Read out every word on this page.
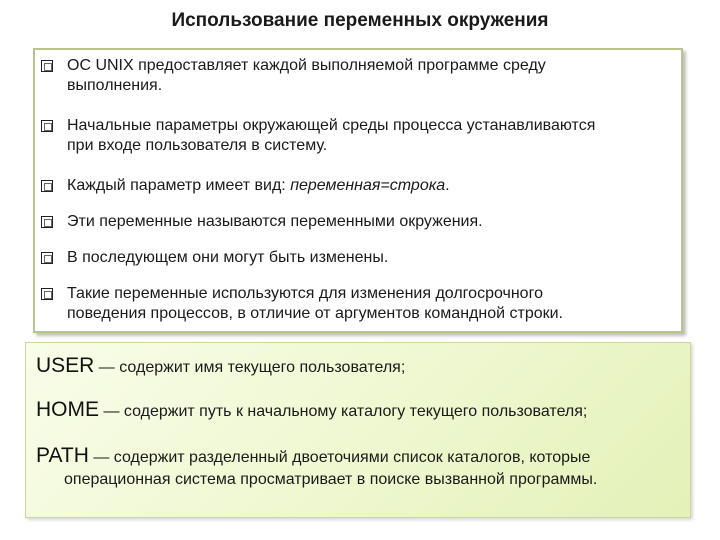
Использование переменных окружения
ОС UNIX предоставляет каждой выполняемой программе среду
выполнения.
Начальные параметры окружающей среды процесса устанавливаются
при входе пользователя в систему.
Каждый параметр имеет вид: переменная=строка.
Эти переменные называются переменными окружения.
В последующем они могут быть изменены.
Такие переменные используются для изменения долгосрочного
поведения процессов, в отличие от аргументов командной строки.
USER — содержит имя текущего пользователя;
HOME — содержит путь к начальному каталогу текущего пользователя;
PATH — содержит разделенный двоеточиями список каталогов, которые
операционная система просматривает в поиске вызванной программы.
